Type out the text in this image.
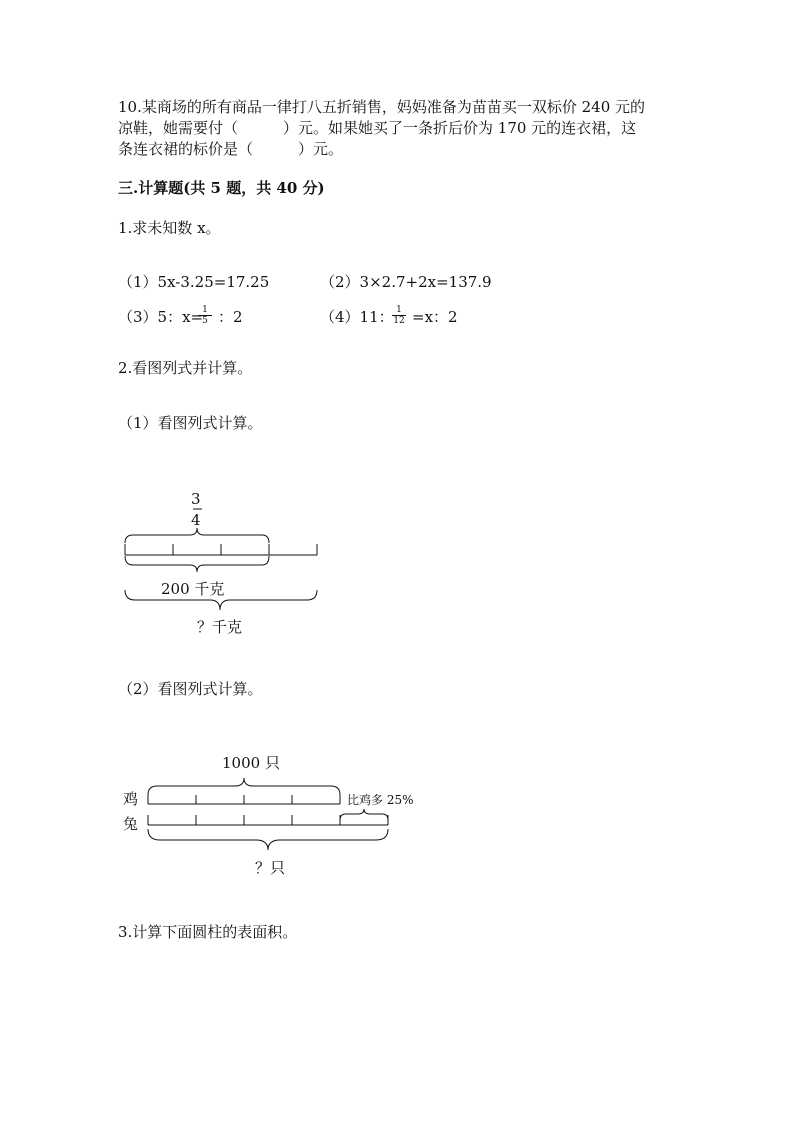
10.某商场的所有商品一律打八五折销售，妈妈准备为苗苗买一双标价 240 元的
凉鞋，她需要付（　　　）元。如果她买了一条折后价为 170 元的连衣裙，这
条连衣裙的标价是（　　　）元。
三.计算题(共 5 题，共 40 分)
1.求未知数 x。
（1）5x-3.25=17.25	（2）3×2.7+2x=137.9
（3）5：x=
$\frac{1}{5}$ ：2	（4）11：
$\frac{1}{12} =x$：2
2.看图列式并计算。
（1）看图列式计算。
3
4
200 千克
？千克
（2）看图列式计算。
1000 只
鸡
兔
比鸡多 25%
？只
3.计算下面圆柱的表面积。
